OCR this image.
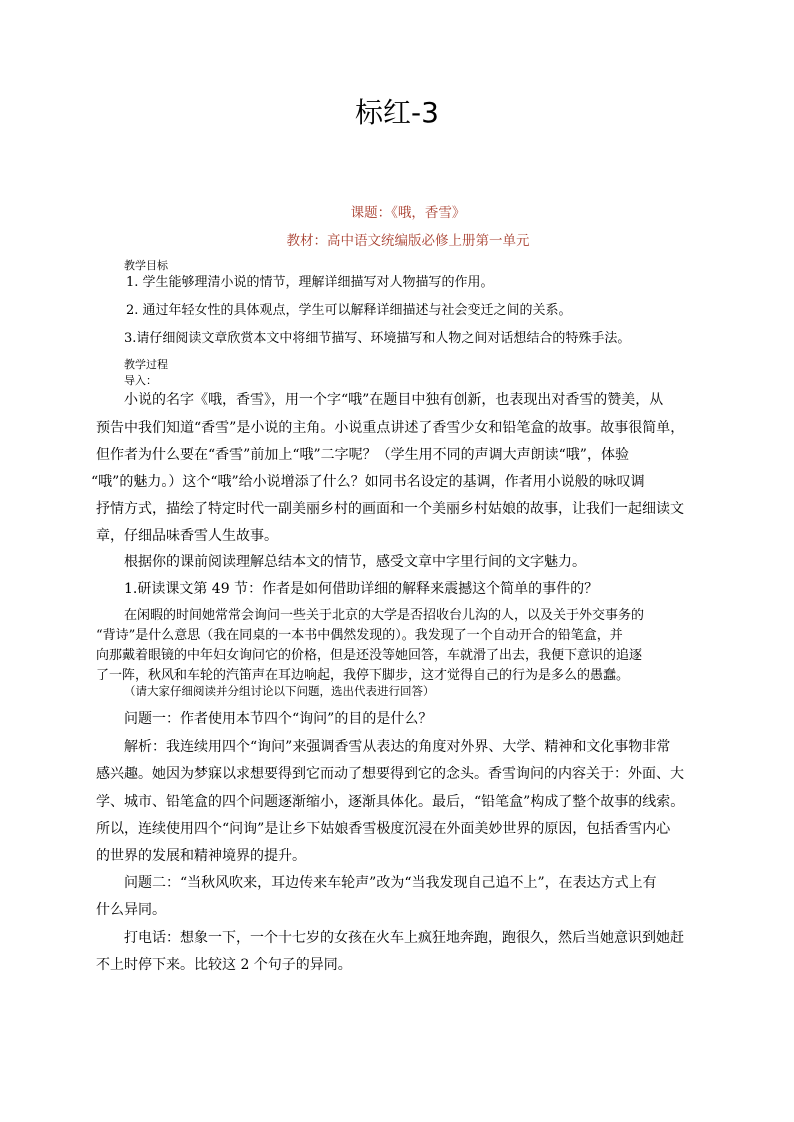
标红-3
课题：《哦，香雪》
教材：高中语文统编版必修上册第一单元
教学目标
1. 学生能够理清小说的情节，理解详细描写对人物描写的作用。
2. 通过年轻女性的具体观点，学生可以解释详细描述与社会变迁之间的关系。
3.请仔细阅读文章欣赏本文中将细节描写、环境描写和人物之间对话想结合的特殊手法。
教学过程
导入：
小说的名字《哦，香雪》，用一个字“哦”在题目中独有创新，也表现出对香雪的赞美，从
预告中我们知道“香雪”是小说的主角。小说重点讲述了香雪少女和铅笔盒的故事。故事很简单，
但作者为什么要在“香雪”前加上“哦”二字呢？（学生用不同的声调大声朗读“哦”，体验
“哦”的魅力。）这个“哦”给小说增添了什么？如同书名设定的基调，作者用小说般的咏叹调
抒情方式，描绘了特定时代一副美丽乡村的画面和一个美丽乡村姑娘的故事，让我们一起细读文
章，仔细品味香雪人生故事。
根据你的课前阅读理解总结本文的情节，感受文章中字里行间的文字魅力。
1.研读课文第 49 节：作者是如何借助详细的解释来震撼这个简单的事件的？
在闲暇的时间她常常会询问一些关于北京的大学是否招收台儿沟的人，以及关于外交事务的
“背诗”是什么意思（我在同桌的一本书中偶然发现的）。我发现了一个自动开合的铅笔盒，并
向那戴着眼镜的中年妇女询问它的价格，但是还没等她回答，车就滑了出去，我便下意识的追逐
了一阵，秋风和车轮的汽笛声在耳边响起，我停下脚步，这才觉得自己的行为是多么的愚蠢。
（请大家仔细阅读并分组讨论以下问题，选出代表进行回答）
问题一：作者使用本节四个“询问”的目的是什么？
解析：我连续用四个“询问”来强调香雪从表达的角度对外界、大学、精神和文化事物非常
感兴趣。她因为梦寐以求想要得到它而动了想要得到它的念头。香雪询问的内容关于：外面、大
学、城市、铅笔盒的四个问题逐渐缩小，逐渐具体化。最后，“铅笔盒”构成了整个故事的线索。
所以，连续使用四个“问询”是让乡下姑娘香雪极度沉浸在外面美妙世界的原因，包括香雪内心
的世界的发展和精神境界的提升。
问题二：“当秋风吹来，耳边传来车轮声”改为“当我发现自己追不上”，在表达方式上有
什么异同。
打电话：想象一下，一个十七岁的女孩在火车上疯狂地奔跑，跑很久，然后当她意识到她赶
不上时停下来。比较这 2 个句子的异同。
